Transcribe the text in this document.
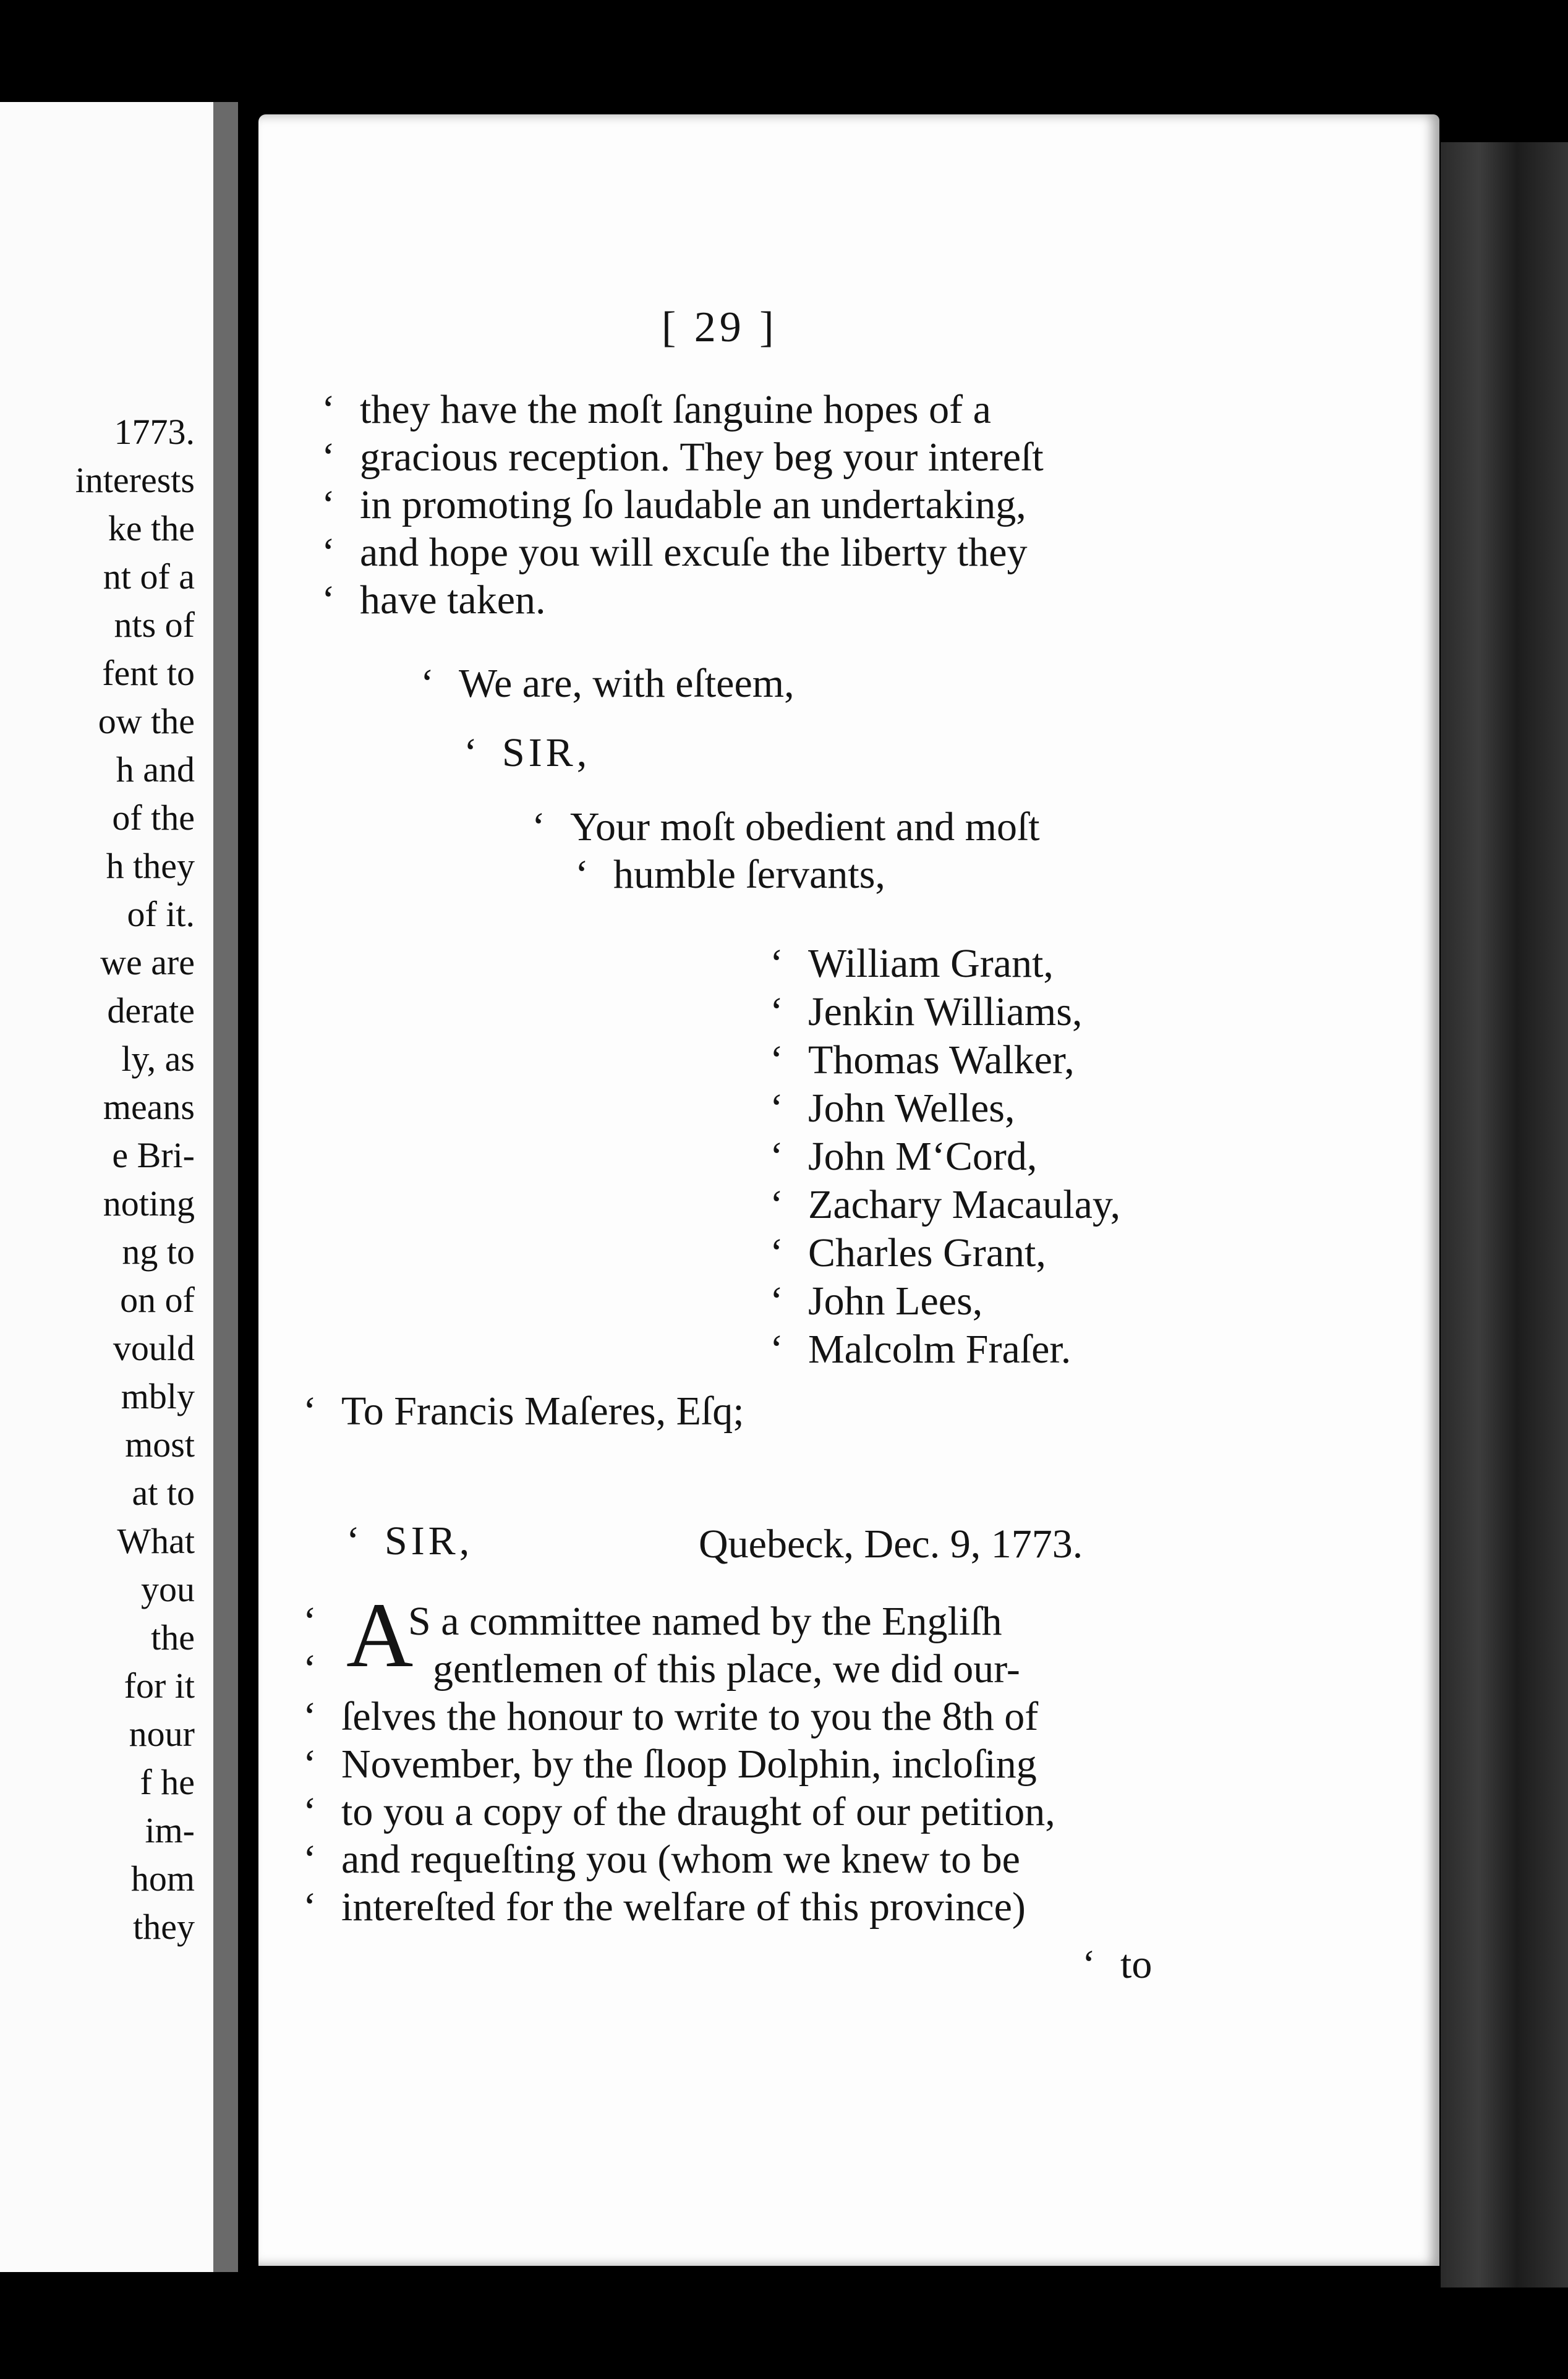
1773.
interests
ke the
nt of a
nts of
fent to
ow the
h and
of the
h they
of it.
we are
derate
ly, as
means
e Bri-
noting
ng to
on of
vould
mbly
most
at to
What
you
the
for it
nour
f he
im-
hom
they
[ 29 ]
‘ they have the moſt ſanguine hopes of a
‘ gracious reception. They beg your intereſt
‘ in promoting ſo laudable an undertaking,
‘ and hope you will excuſe the liberty they
‘ have taken.
‘ We are, with eſteem,
‘ SIR,
‘ Your moſt obedient and moſt
‘ humble ſervants,
‘ William Grant,
‘ Jenkin Williams,
‘ Thomas Walker,
‘ John Welles,
‘ John M‘Cord,
‘ Zachary Macaulay,
‘ Charles Grant,
‘ John Lees,
‘ Malcolm Fraſer.
‘ To Francis Maſeres, Eſq;
‘ SIR,	Quebeck, Dec. 9, 1773.
‘
‘ A
S a committee named by the Engliſh
gentlemen of this place, we did our-
‘ ſelves the honour to write to you the 8th of
‘ November, by the ſloop Dolphin, incloſing
‘ to you a copy of the draught of our petition,
‘ and requeſting you (whom we knew to be
‘ intereſted for the welfare of this province)
‘ to
